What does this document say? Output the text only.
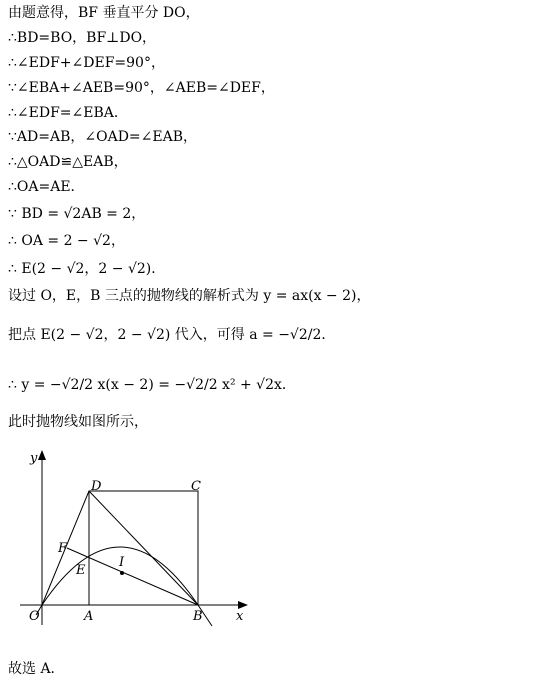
由题意得，BF 垂直平分 DO，
∴BD=BO，BF⊥DO，
∴∠EDF+∠DEF=90°，
∵∠EBA+∠AEB=90°，∠AEB=∠DEF，
∴∠EDF=∠EBA．
∵AD=AB，∠OAD=∠EAB，
∴△OAD≌△EAB，
∴OA=AE．
∵ BD = √2AB = 2，
∴ OA = 2 − √2，
∴ E(2 − √2，2 − √2)．
设过 O，E，B 三点的抛物线的解析式为 y = ax(x − 2)，
把点 E(2 − √2，2 − √2) 代入，可得 a = −√2/2．
∴ y = −√2/2 x(x − 2) = −√2/2 x² + √2x．
此时抛物线如图所示，
y
x
D	C
F
E
I
O	A	B
故选 A．
